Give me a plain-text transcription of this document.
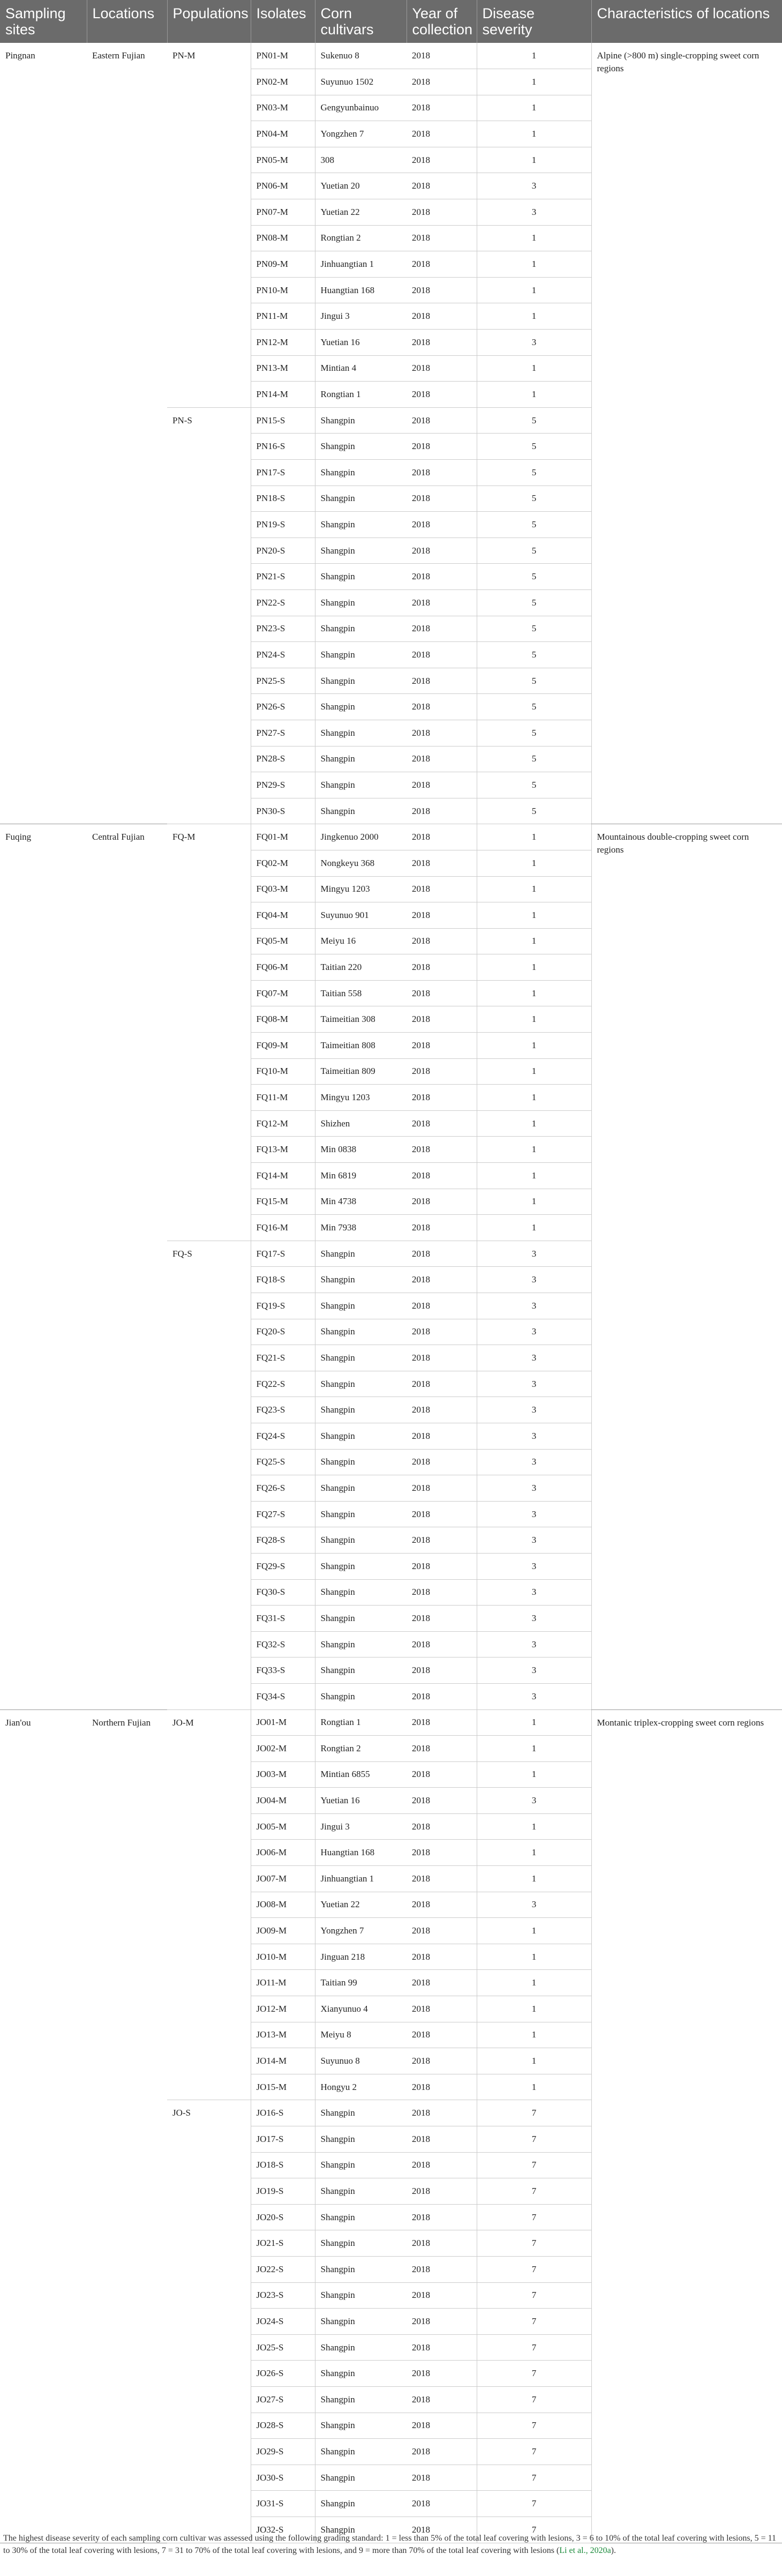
Sampling sites	Locations	Populations	Isolates	Corn cultivars	Year of collection	Disease severity	Characteristics of locations
Pingnan	Eastern Fujian	PN-M	PN01-M	Sukenuo 8	2018	1	Alpine (>800 m) single-cropping sweet corn regions
			PN02-M	Suyunuo 1502	2018	1	
			PN03-M	Gengyunbainuo	2018	1	
			PN04-M	Yongzhen 7	2018	1	
			PN05-M	308	2018	1	
			PN06-M	Yuetian 20	2018	3	
			PN07-M	Yuetian 22	2018	3	
			PN08-M	Rongtian 2	2018	1	
			PN09-M	Jinhuangtian 1	2018	1	
			PN10-M	Huangtian 168	2018	1	
			PN11-M	Jingui 3	2018	1	
			PN12-M	Yuetian 16	2018	3	
			PN13-M	Mintian 4	2018	1	
			PN14-M	Rongtian 1	2018	1	
		PN-S	PN15-S	Shangpin	2018	5	
			PN16-S	Shangpin	2018	5	
			PN17-S	Shangpin	2018	5	
			PN18-S	Shangpin	2018	5	
			PN19-S	Shangpin	2018	5	
			PN20-S	Shangpin	2018	5	
			PN21-S	Shangpin	2018	5	
			PN22-S	Shangpin	2018	5	
			PN23-S	Shangpin	2018	5	
			PN24-S	Shangpin	2018	5	
			PN25-S	Shangpin	2018	5	
			PN26-S	Shangpin	2018	5	
			PN27-S	Shangpin	2018	5	
			PN28-S	Shangpin	2018	5	
			PN29-S	Shangpin	2018	5	
			PN30-S	Shangpin	2018	5	
Fuqing	Central Fujian	FQ-M	FQ01-M	Jingkenuo 2000	2018	1	Mountainous double-cropping sweet corn regions
			FQ02-M	Nongkeyu 368	2018	1	
			FQ03-M	Mingyu 1203	2018	1	
			FQ04-M	Suyunuo 901	2018	1	
			FQ05-M	Meiyu 16	2018	1	
			FQ06-M	Taitian 220	2018	1	
			FQ07-M	Taitian 558	2018	1	
			FQ08-M	Taimeitian 308	2018	1	
			FQ09-M	Taimeitian 808	2018	1	
			FQ10-M	Taimeitian 809	2018	1	
			FQ11-M	Mingyu 1203	2018	1	
			FQ12-M	Shizhen	2018	1	
			FQ13-M	Min 0838	2018	1	
			FQ14-M	Min 6819	2018	1	
			FQ15-M	Min 4738	2018	1	
			FQ16-M	Min 7938	2018	1	
		FQ-S	FQ17-S	Shangpin	2018	3	
			FQ18-S	Shangpin	2018	3	
			FQ19-S	Shangpin	2018	3	
			FQ20-S	Shangpin	2018	3	
			FQ21-S	Shangpin	2018	3	
			FQ22-S	Shangpin	2018	3	
			FQ23-S	Shangpin	2018	3	
			FQ24-S	Shangpin	2018	3	
			FQ25-S	Shangpin	2018	3	
			FQ26-S	Shangpin	2018	3	
			FQ27-S	Shangpin	2018	3	
			FQ28-S	Shangpin	2018	3	
			FQ29-S	Shangpin	2018	3	
			FQ30-S	Shangpin	2018	3	
			FQ31-S	Shangpin	2018	3	
			FQ32-S	Shangpin	2018	3	
			FQ33-S	Shangpin	2018	3	
			FQ34-S	Shangpin	2018	3	
Jian'ou	Northern Fujian	JO-M	JO01-M	Rongtian 1	2018	1	Montanic triplex-cropping sweet corn regions
			JO02-M	Rongtian 2	2018	1	
			JO03-M	Mintian 6855	2018	1	
			JO04-M	Yuetian 16	2018	3	
			JO05-M	Jingui 3	2018	1	
			JO06-M	Huangtian 168	2018	1	
			JO07-M	Jinhuangtian 1	2018	1	
			JO08-M	Yuetian 22	2018	3	
			JO09-M	Yongzhen 7	2018	1	
			JO10-M	Jinguan 218	2018	1	
			JO11-M	Taitian 99	2018	1	
			JO12-M	Xianyunuo 4	2018	1	
			JO13-M	Meiyu 8	2018	1	
			JO14-M	Suyunuo 8	2018	1	
			JO15-M	Hongyu 2	2018	1	
		JO-S	JO16-S	Shangpin	2018	7	
			JO17-S	Shangpin	2018	7	
			JO18-S	Shangpin	2018	7	
			JO19-S	Shangpin	2018	7	
			JO20-S	Shangpin	2018	7	
			JO21-S	Shangpin	2018	7	
			JO22-S	Shangpin	2018	7	
			JO23-S	Shangpin	2018	7	
			JO24-S	Shangpin	2018	7	
			JO25-S	Shangpin	2018	7	
			JO26-S	Shangpin	2018	7	
			JO27-S	Shangpin	2018	7	
			JO28-S	Shangpin	2018	7	
			JO29-S	Shangpin	2018	7	
			JO30-S	Shangpin	2018	7	
			JO31-S	Shangpin	2018	7	
			JO32-S	Shangpin	2018	7	
The highest disease severity of each sampling corn cultivar was assessed using the following grading standard: 1 = less than 5% of the total leaf covering with lesions, 3 = 6 to 10% of the total leaf covering with lesions, 5 = 11 to 30% of the total leaf covering with lesions, 7 = 31 to 70% of the total leaf covering with lesions, and 9 = more than 70% of the total leaf covering with lesions (Li et al., 2020a).
